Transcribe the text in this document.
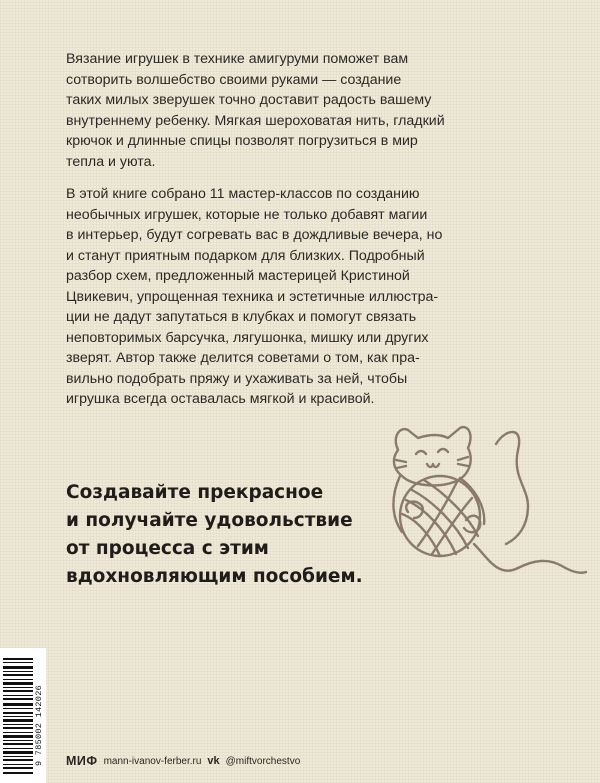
Вязание игрушек в технике амигуруми поможет вам
сотворить волшебство своими руками — создание
таких милых зверушек точно доставит радость вашему
внутреннему ребенку. Мягкая шероховатая нить, гладкий
крючок и длинные спицы позволят погрузиться в мир
тепла и уюта.
В этой книге собрано 11 мастер-классов по созданию
необычных игрушек, которые не только добавят магии
в интерьер, будут согревать вас в дождливые вечера, но
и станут приятным подарком для близких. Подробный
разбор схем, предложенный мастерицей Кристиной
Цвикевич, упрощенная техника и эстетичные иллюстра-
ции не дадут запутаться в клубках и помогут связать
неповторимых барсучка, лягушонка, мишку или других
зверят. Автор также делится советами о том, как пра-
вильно подобрать пряжу и ухаживать за ней, чтобы
игрушка всегда оставалась мягкой и красивой.
Создавайте прекрасное
и получайте удовольствие
от процесса с этим
вдохновляющим пособием.
9 785002 142026 МИФ mann-ivanov-ferber.ru vk @miftvorchestvo
